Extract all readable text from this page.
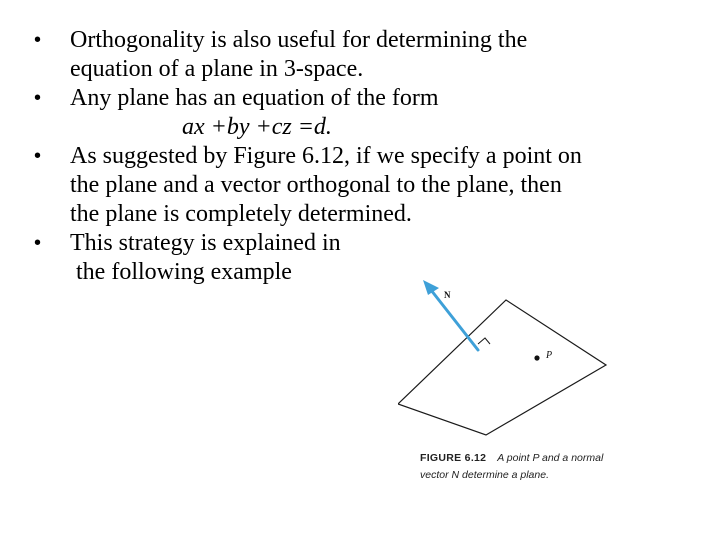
• Orthogonality is also useful for determining the
equation of a plane in 3-space.
• Any plane has an equation of the form
ax +by +cz =d.
• As suggested by Figure 6.12, if we specify a point on
the plane and a vector orthogonal to the plane, then
the plane is completely determined.
• This strategy is explained in
the following example
N
P
FIGURE 6.12 A point P and a normal
vector N determine a plane.
